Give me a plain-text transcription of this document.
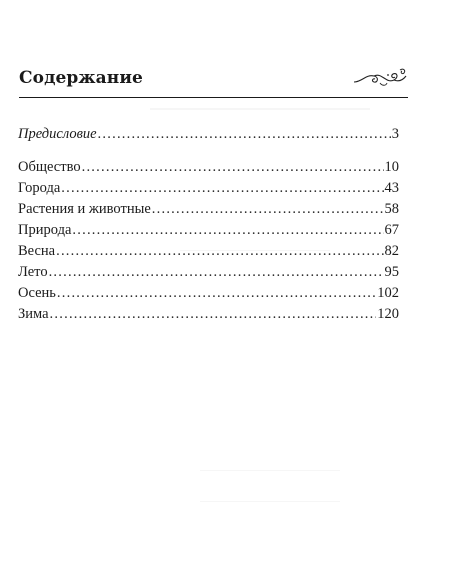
Содержание
Предисловие . . .	3
Общество . . .	10
Города . . .	43
Растения и животные . . .	58
Природа . . .	67
Весна . . .	82
Лето . . .	95
Осень . . .	102
Зима . . .	120
